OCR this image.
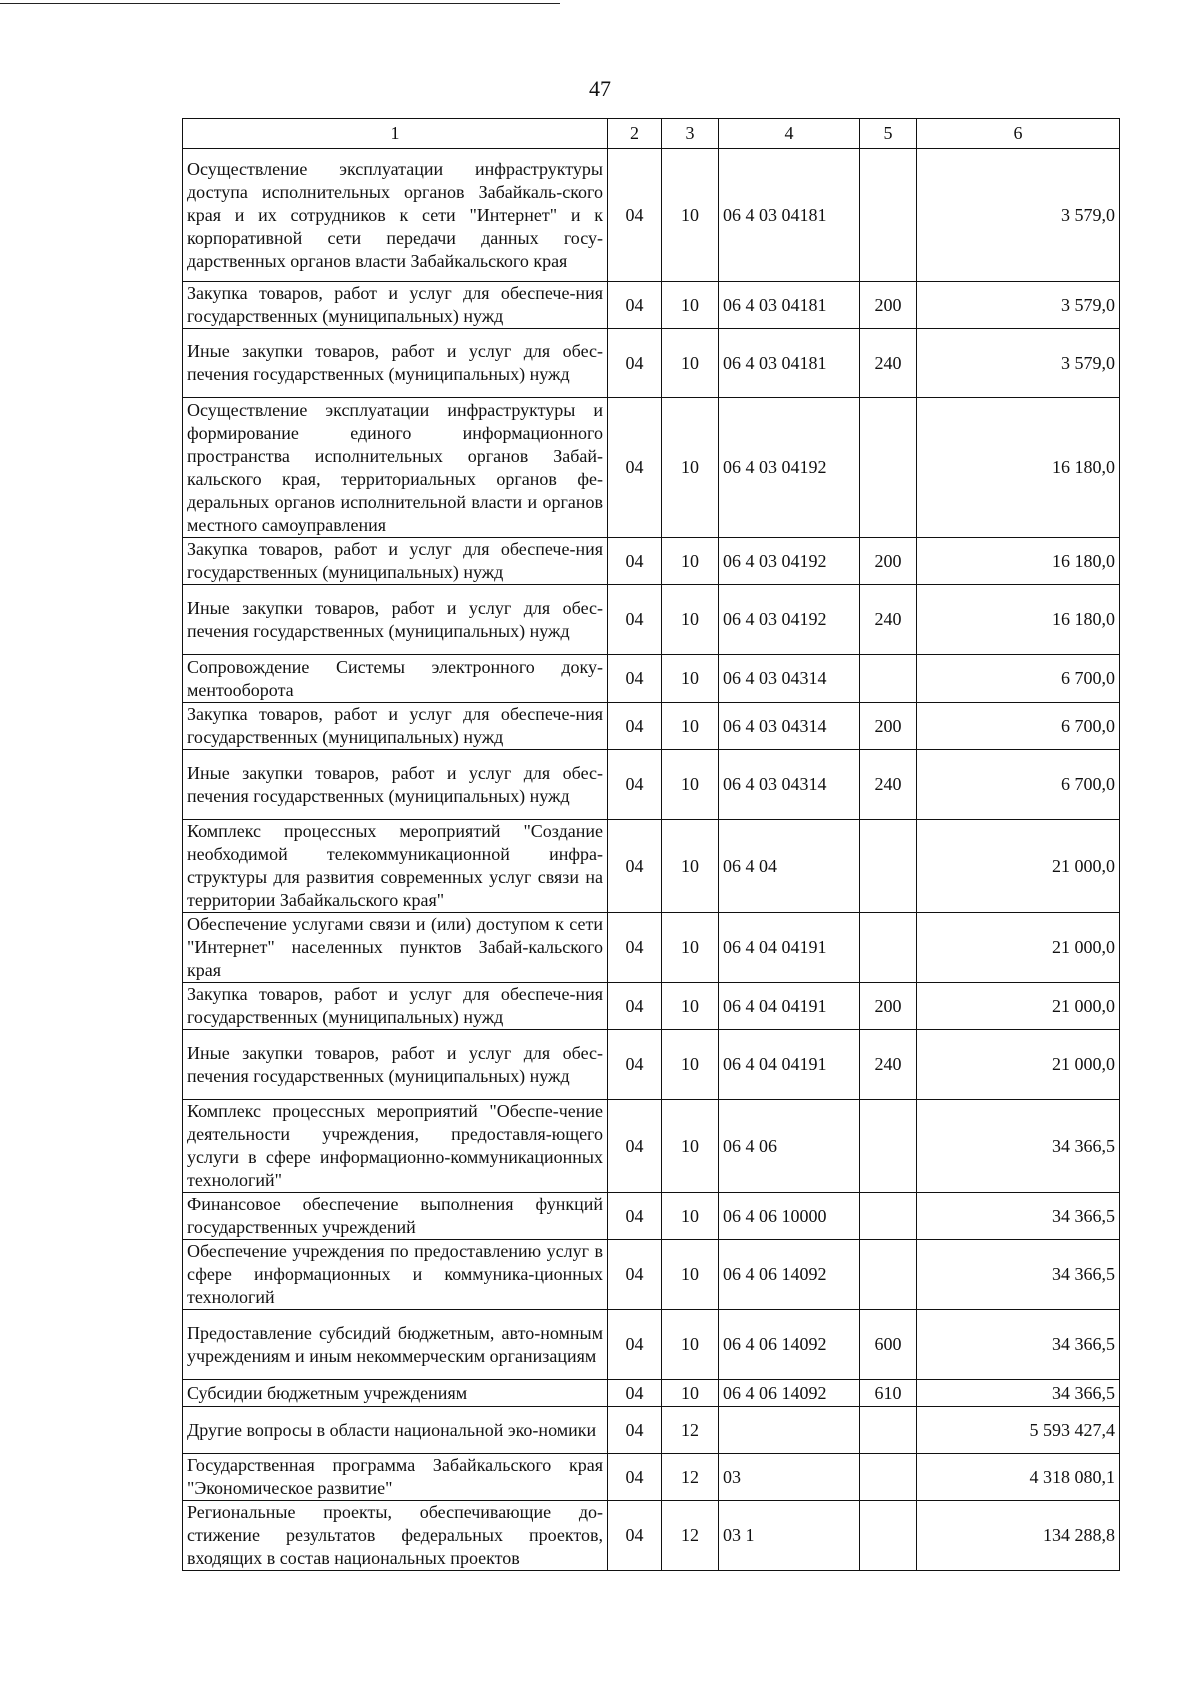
47
1	2	3	4	5	6
Осуществление эксплуатации инфраструктуры доступа исполнительных органов Забайкаль-ского края и их сотрудников к сети "Интернет" и к корпоративной сети передачи данных госу-дарственных органов власти Забайкальского края	04	10	06 4 03 04181		3 579,0
Закупка товаров, работ и услуг для обеспече-ния государственных (муниципальных) нужд	04	10	06 4 03 04181	200	3 579,0
Иные закупки товаров, работ и услуг для обес-печения государственных (муниципальных) нужд	04	10	06 4 03 04181	240	3 579,0
Осуществление эксплуатации инфраструктуры и формирование единого информационного пространства исполнительных органов Забай-кальского края, территориальных органов фе-деральных органов исполнительной власти и органов местного самоуправления	04	10	06 4 03 04192		16 180,0
Закупка товаров, работ и услуг для обеспече-ния государственных (муниципальных) нужд	04	10	06 4 03 04192	200	16 180,0
Иные закупки товаров, работ и услуг для обес-печения государственных (муниципальных) нужд	04	10	06 4 03 04192	240	16 180,0
Сопровождение Системы электронного доку-ментооборота	04	10	06 4 03 04314		6 700,0
Закупка товаров, работ и услуг для обеспече-ния государственных (муниципальных) нужд	04	10	06 4 03 04314	200	6 700,0
Иные закупки товаров, работ и услуг для обес-печения государственных (муниципальных) нужд	04	10	06 4 03 04314	240	6 700,0
Комплекс процессных мероприятий "Создание необходимой телекоммуникационной инфра-структуры для развития современных услуг связи на территории Забайкальского края"	04	10	06 4 04		21 000,0
Обеспечение услугами связи и (или) доступом к сети "Интернет" населенных пунктов Забай-кальского края	04	10	06 4 04 04191		21 000,0
Закупка товаров, работ и услуг для обеспече-ния государственных (муниципальных) нужд	04	10	06 4 04 04191	200	21 000,0
Иные закупки товаров, работ и услуг для обес-печения государственных (муниципальных) нужд	04	10	06 4 04 04191	240	21 000,0
Комплекс процессных мероприятий "Обеспе-чение деятельности учреждения, предоставля-ющего услуги в сфере информационно-коммуникационных технологий"	04	10	06 4 06		34 366,5
Финансовое обеспечение выполнения функций государственных учреждений	04	10	06 4 06 10000		34 366,5
Обеспечение учреждения по предоставлению услуг в сфере информационных и коммуника-ционных технологий	04	10	06 4 06 14092		34 366,5
Предоставление субсидий бюджетным, авто-номным учреждениям и иным некоммерческим организациям	04	10	06 4 06 14092	600	34 366,5
Субсидии бюджетным учреждениям	04	10	06 4 06 14092	610	34 366,5
Другие вопросы в области национальной эко-номики	04	12			5 593 427,4
Государственная программа Забайкальского края "Экономическое развитие"	04	12	03		4 318 080,1
Региональные проекты, обеспечивающие до-стижение результатов федеральных проектов, входящих в состав национальных проектов	04	12	03 1		134 288,8
